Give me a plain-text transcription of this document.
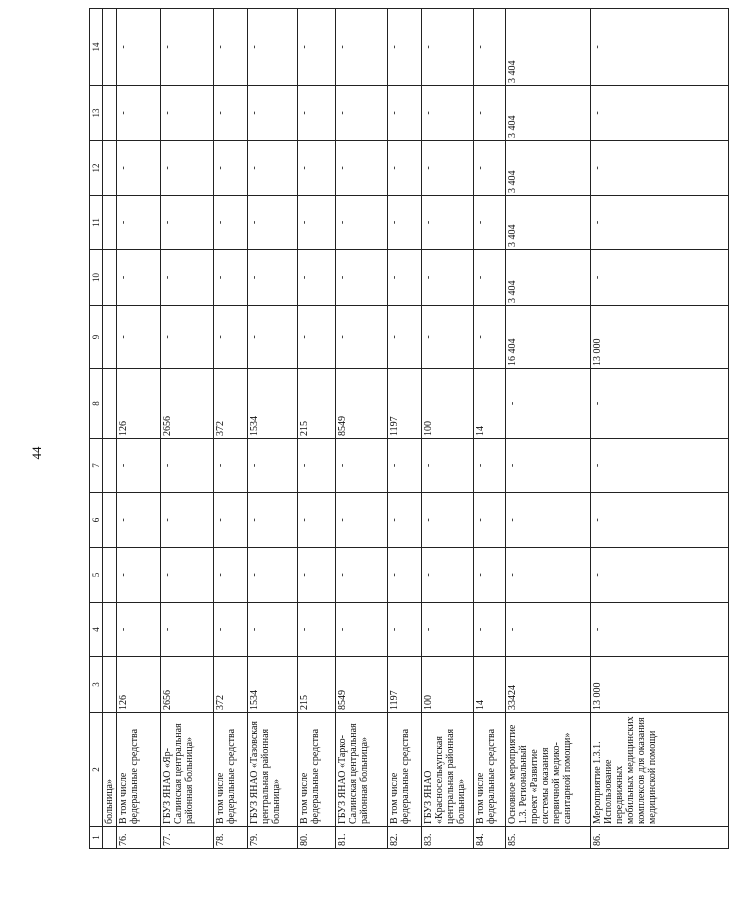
44
1	2	3	4	5	6	7	8	9	10	11	12	13	14
	больница»												
76.	В том числе федеральные средства	126	-	-	-	-	126	-	-	-	-	-	-
77.	ГБУЗ ЯНАО «Яр-Салинская центральная районная больница»	2656	-	-	-	-	2656	-	-	-	-	-	-
78.	В том числе федеральные средства	372	-	-	-	-	372	-	-	-	-	-	-
79.	ГБУЗ ЯНАО «Тазовская центральная районная больница»	1534	-	-	-	-	1534	-	-	-	-	-	-
80.	В том числе федеральные средства	215	-	-	-	-	215	-	-	-	-	-	-
81.	ГБУЗ ЯНАО «Тарко-Салинская центральная районная больница»	8549	-	-	-	-	8549	-	-	-	-	-	-
82.	В том числе федеральные средства	1197	-	-	-	-	1197	-	-	-	-	-	-
83.	ГБУЗ ЯНАО «Красноселькупская центральная районная больница»	100	-	-	-	-	100	-	-	-	-	-	-
84.	В том числе федеральные средства	14	-	-	-	-	14	-	-	-	-	-	-
85.	Основное мероприятие 1.3. Региональный проект «Развитие системы оказания первичной медико-санитарной помощи»	33424	-	-	-	-	-	16 404	3 404	3 404	3 404	3 404	3 404
86.	Мероприятие 1.3.1. Использование передвижных мобильных медицинских комплексов для оказания медицинской помощи	13 000	-	-	-	-	-	13 000	-	-	-	-	-
